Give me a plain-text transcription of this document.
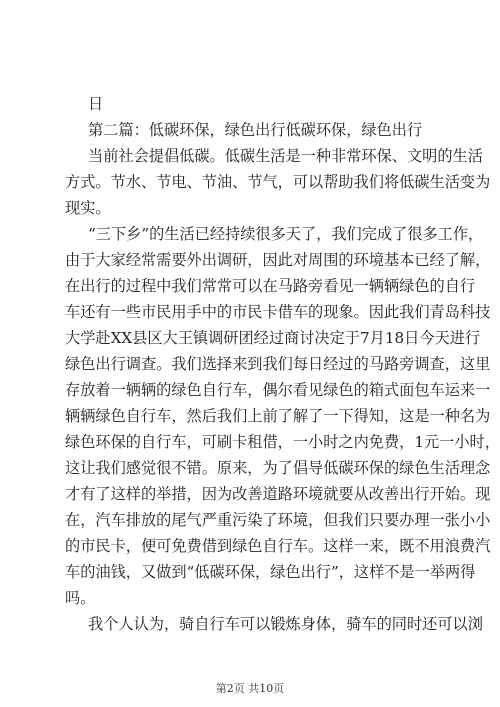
日
第二篇：低碳环保，绿色出行低碳环保，绿色出行
当前社会提倡低碳。低碳生活是一种非常环保、文明的生活
方式。节水、节电、节油、节气，可以帮助我们将低碳生活变为
现实。
“三下乡”的生活已经持续很多天了，我们完成了很多工作，
由于大家经常需要外出调研，因此对周围的环境基本已经了解，
在出行的过程中我们常常可以在马路旁看见一辆辆绿色的自行
车还有一些市民用手中的市民卡借车的现象。因此我们青岛科技
大学赴XX县区大王镇调研团经过商讨决定于7月18日今天进行
绿色出行调查。我们选择来到我们每日经过的马路旁调查，这里
存放着一辆辆的绿色自行车，偶尔看见绿色的箱式面包车运来一
辆辆绿色自行车，然后我们上前了解了一下得知，这是一种名为
绿色环保的自行车，可刷卡租借，一小时之内免费，1元一小时，
这让我们感觉很不错。原来，为了倡导低碳环保的绿色生活理念
才有了这样的举措，因为改善道路环境就要从改善出行开始。现
在，汽车排放的尾气严重污染了环境，但我们只要办理一张小小
的市民卡，便可免费借到绿色自行车。这样一来，既不用浪费汽
车的油钱，又做到“低碳环保，绿色出行”，这样不是一举两得
吗。
我个人认为，骑自行车可以锻炼身体，骑车的同时还可以浏
第2页 共10页
